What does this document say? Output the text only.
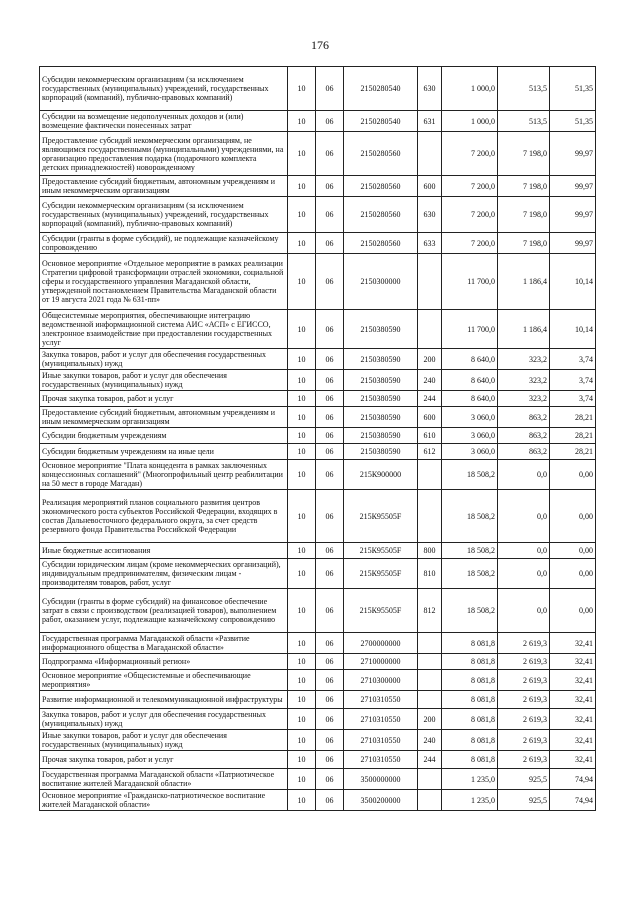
176
Субсидии некоммерческим организациям (за исключением государственных (муниципальных) учреждений, государственных корпораций (компаний), публично-правовых компаний)	10	06	2150280540	630	1 000,0	513,5	51,35
Субсидии на возмещение недополученных доходов и (или) возмещение фактически понесенных затрат	10	06	2150280540	631	1 000,0	513,5	51,35
Предоставление субсидий некоммерческим организациям, не являющимся государственными (муниципальными) учреждениями, на организацию предоставления подарка (подарочного комплекта детских принадлежностей) новорожденному	10	06	2150280560		7 200,0	7 198,0	99,97
Предоставление субсидий бюджетным, автономным учреждениям и иным некоммерческим организациям	10	06	2150280560	600	7 200,0	7 198,0	99,97
Субсидии некоммерческим организациям (за исключением государственных (муниципальных) учреждений, государственных корпораций (компаний), публично-правовых компаний)	10	06	2150280560	630	7 200,0	7 198,0	99,97
Субсидии (гранты в форме субсидий), не подлежащие казначейскому сопровождению	10	06	2150280560	633	7 200,0	7 198,0	99,97
Основное мероприятие «Отдельное мероприятие в рамках реализации Стратегии цифровой трансформации отраслей экономики, социальной сферы и государственного управления Магаданской области, утвержденной постановлением Правительства Магаданской области от 19 августа 2021 года № 631-пп»	10	06	2150300000		11 700,0	1 186,4	10,14
Общесистемные мероприятия, обеспечивающие интеграцию ведомственной информационной система АИС «АСП» с ЕГИССО, электронное взаимодействие при предоставлении государственных услуг	10	06	2150380590		11 700,0	1 186,4	10,14
Закупка товаров, работ и услуг для обеспечения государственных (муниципальных) нужд	10	06	2150380590	200	8 640,0	323,2	3,74
Иные закупки товаров, работ и услуг для обеспечения государственных (муниципальных) нужд	10	06	2150380590	240	8 640,0	323,2	3,74
Прочая закупка товаров, работ и услуг	10	06	2150380590	244	8 640,0	323,2	3,74
Предоставление субсидий бюджетным, автономным учреждениям и иным некоммерческим организациям	10	06	2150380590	600	3 060,0	863,2	28,21
Субсидии бюджетным учреждениям	10	06	2150380590	610	3 060,0	863,2	28,21
Субсидии бюджетным учреждениям на иные цели	10	06	2150380590	612	3 060,0	863,2	28,21
Основное мероприятие "Плата концедента в рамках заключенных концессионных соглашений" (Многопрофильный центр реабилитации на 50 мест в городе Магадан)	10	06	215К900000		18 508,2	0,0	0,00
Реализация мероприятий планов социального развития центров экономического роста субъектов Российской Федерации, входящих в состав Дальневосточного федерального округа, за счет средств резервного фонда Правительства Российской Федерации	10	06	215К95505F		18 508,2	0,0	0,00
Иные бюджетные ассигнования	10	06	215К95505F	800	18 508,2	0,0	0,00
Субсидии юридическим лицам (кроме некоммерческих организаций), индивидуальным предпринимателям, физическим лицам - производителям товаров, работ, услуг	10	06	215К95505F	810	18 508,2	0,0	0,00
Субсидии (гранты в форме субсидий) на финансовое обеспечение затрат в связи с производством (реализацией товаров), выполнением работ, оказанием услуг, подлежащие казначейскому сопровождению	10	06	215К95505F	812	18 508,2	0,0	0,00
Государственная программа Магаданской области «Развитие информационного общества в Магаданской области»	10	06	2700000000		8 081,8	2 619,3	32,41
Подпрограмма «Информационный регион»	10	06	2710000000		8 081,8	2 619,3	32,41
Основное мероприятие «Общесистемные и обеспечивающие мероприятия»	10	06	2710300000		8 081,8	2 619,3	32,41
Развитие информационной и телекоммуникационной инфраструктуры	10	06	2710310550		8 081,8	2 619,3	32,41
Закупка товаров, работ и услуг для обеспечения государственных (муниципальных) нужд	10	06	2710310550	200	8 081,8	2 619,3	32,41
Иные закупки товаров, работ и услуг для обеспечения государственных (муниципальных) нужд	10	06	2710310550	240	8 081,8	2 619,3	32,41
Прочая закупка товаров, работ и услуг	10	06	2710310550	244	8 081,8	2 619,3	32,41
Государственная программа Магаданской области «Патриотическое воспитание жителей Магаданской области»	10	06	3500000000		1 235,0	925,5	74,94
Основное мероприятие «Гражданско-патриотическое воспитание жителей Магаданской области»	10	06	3500200000		1 235,0	925,5	74,94
